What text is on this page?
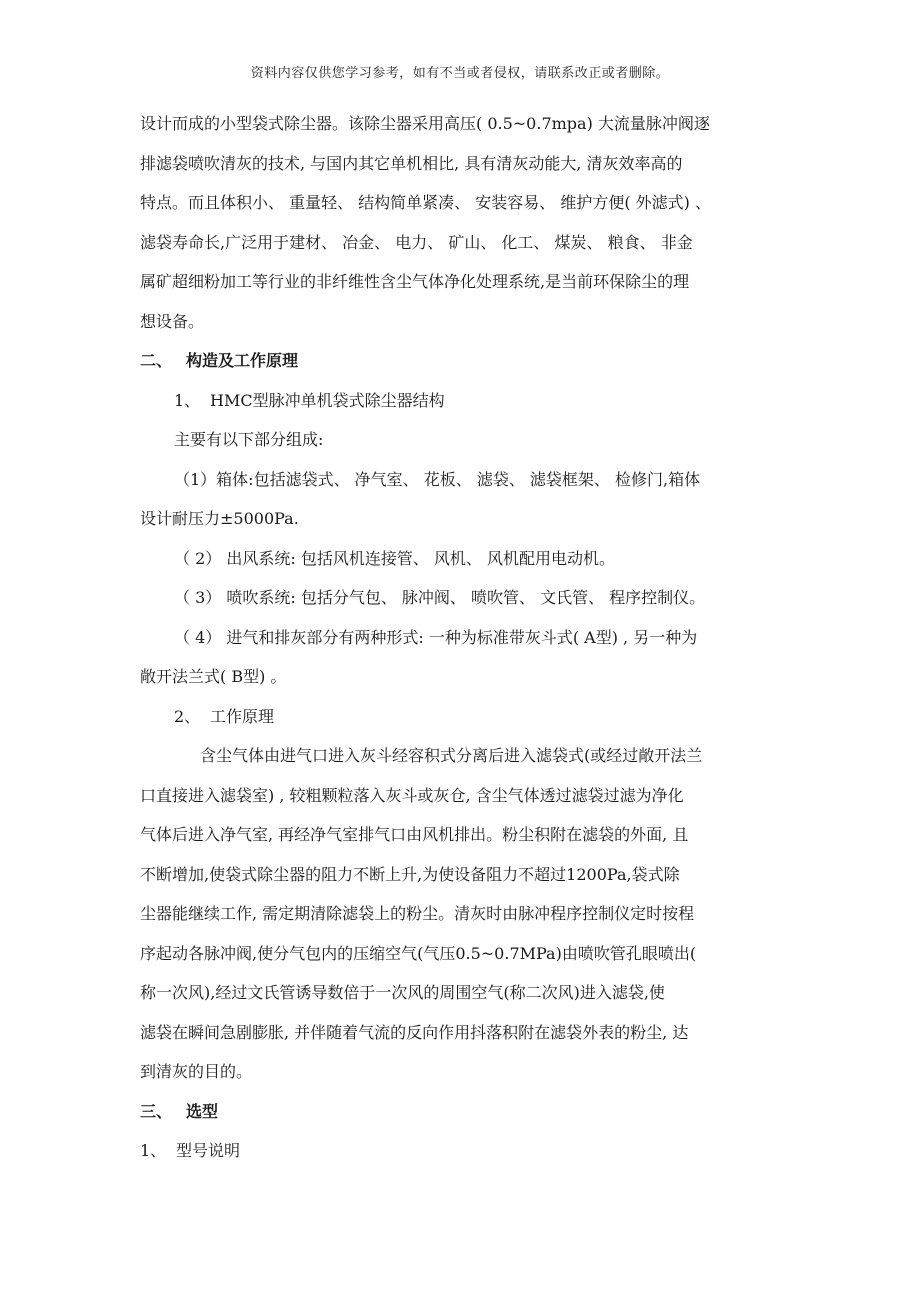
资料内容仅供您学习参考，如有不当或者侵权，请联系改正或者删除。

设计而成的小型袋式除尘器。该除尘器采用高压( 0.5~0.7mpa) 大流量脉冲阀逐

排滤袋喷吹清灰的技术, 与国内其它单机相比, 具有清灰动能大, 清灰效率高的

特点。而且体积小、 重量轻、 结构简单紧凑、 安装容易、 维护方便( 外滤式) 、

滤袋寿命长,广泛用于建材、 冶金、 电力、 矿山、 化工、 煤炭、 粮食、 非金

属矿超细粉加工等行业的非纤维性含尘气体净化处理系统,是当前环保除尘的理

想设备。

二、 构造及工作原理

1、 HMC型脉冲单机袋式除尘器结构

主要有以下部分组成:

（1）箱体:包括滤袋式、 净气室、 花板、 滤袋、 滤袋框架、 检修门,箱体

设计耐压力±5000Pa.

（ 2） 出风系统: 包括风机连接管、 风机、 风机配用电动机。

（ 3） 喷吹系统: 包括分气包、 脉冲阀、 喷吹管、 文氏管、 程序控制仪。

（ 4） 进气和排灰部分有两种形式: 一种为标准带灰斗式( A型) , 另一种为

敞开法兰式( B型) 。

2、 工作原理

含尘气体由进气口进入灰斗经容积式分离后进入滤袋式(或经过敞开法兰

口直接进入滤袋室) , 较粗颗粒落入灰斗或灰仓, 含尘气体透过滤袋过滤为净化

气体后进入净气室, 再经净气室排气口由风机排出。粉尘积附在滤袋的外面, 且

不断增加,使袋式除尘器的阻力不断上升,为使设备阻力不超过1200Pa,袋式除

尘器能继续工作, 需定期清除滤袋上的粉尘。清灰时由脉冲程序控制仪定时按程

序起动各脉冲阀,使分气包内的压缩空气(气压0.5~0.7MPa)由喷吹管孔眼喷出(

称一次风),经过文氏管诱导数倍于一次风的周围空气(称二次风)进入滤袋,使

滤袋在瞬间急剧膨胀, 并伴随着气流的反向作用抖落积附在滤袋外表的粉尘, 达

到清灰的目的。

三、 选型

1、 型号说明
